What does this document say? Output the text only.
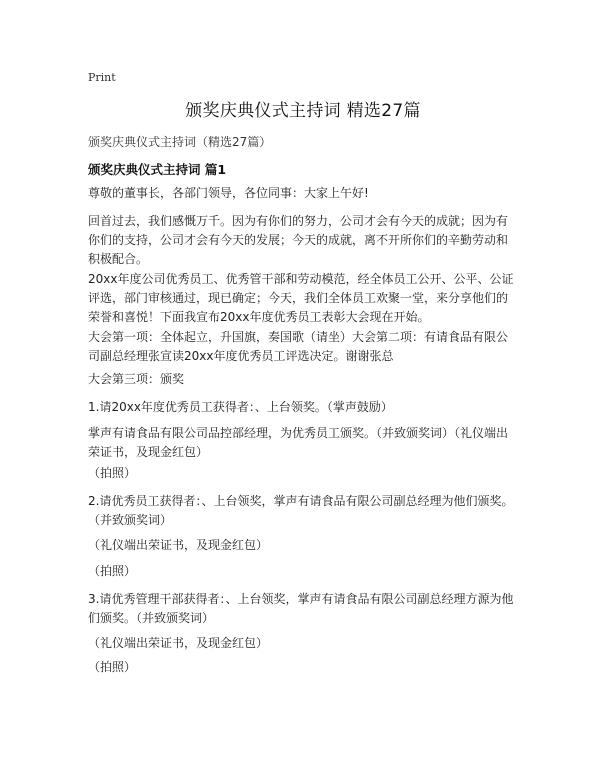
Print
颁奖庆典仪式主持词 精选27篇

颁奖庆典仪式主持词（精选27篇）

颁奖庆典仪式主持词 篇1

尊敬的董事长，各部门领导，各位同事：大家上午好!

回首过去，我们感慨万千。因为有你们的努力，公司才会有今天的成就；因为有你们的支持，公司才会有今天的发展；今天的成就，离不开所你们的辛勤劳动和积极配合。

20xx年度公司优秀员工、优秀管干部和劳动模范，经全体员工公开、公平、公证评选，部门审核通过，现已确定；今天，我们全体员工欢聚一堂，来分享他们的荣誉和喜悦！下面我宣布20xx年度优秀员工表彰大会现在开始。

大会第一项：全体起立，升国旗，奏国歌（请坐）大会第二项：有请食品有限公司副总经理张宣读20xx年度优秀员工评选决定。谢谢张总

大会第三项：颁奖

1.请20xx年度优秀员工获得者：、上台领奖。（掌声鼓励）

掌声有请食品有限公司品控部经理，为优秀员工颁奖。（并致颁奖词）（礼仪端出荣证书，及现金红包）

（拍照）

2.请优秀员工获得者：、上台领奖，掌声有请食品有限公司副总经理为他们颁奖。（并致颁奖词）

（礼仪端出荣证书，及现金红包）

（拍照）

3.请优秀管理干部获得者：、上台领奖，掌声有请食品有限公司副总经理方源为他们颁奖。（并致颁奖词）

（礼仪端出荣证书，及现金红包）

（拍照）
